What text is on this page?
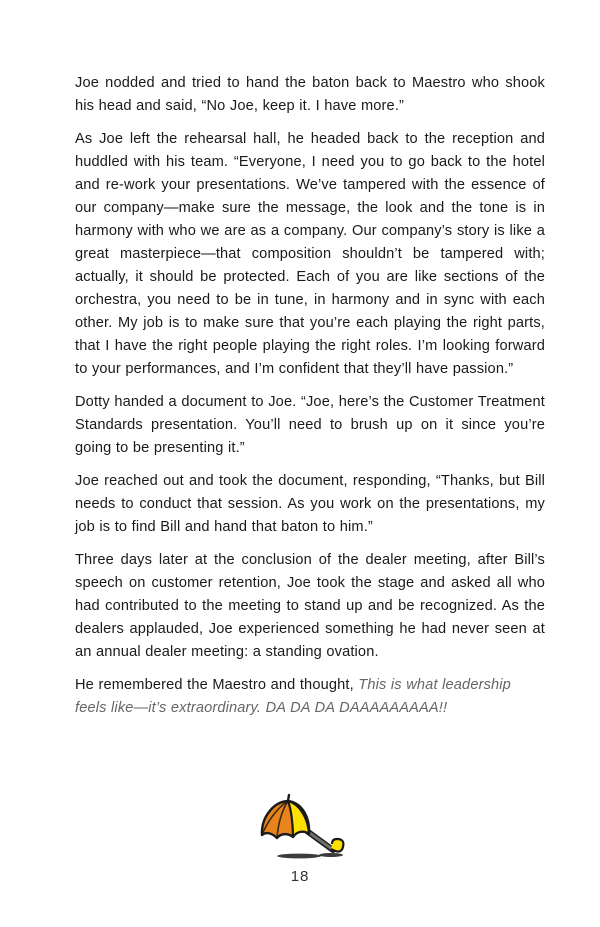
Joe nodded and tried to hand the baton back to Maestro who shook his head and said, “No Joe, keep it. I have more.”

As Joe left the rehearsal hall, he headed back to the reception and huddled with his team. “Everyone, I need you to go back to the hotel and re-work your presentations. We’ve tampered with the essence of our company—make sure the message, the look and the tone is in harmony with who we are as a company. Our company’s story is like a great masterpiece—that composition shouldn’t be tampered with; actually, it should be protected. Each of you are like sections of the orchestra, you need to be in tune, in harmony and in sync with each other. My job is to make sure that you’re each playing the right parts, that I have the right people playing the right roles. I’m looking forward to your performances, and I’m confident that they’ll have passion.”

Dotty handed a document to Joe. “Joe, here’s the Customer Treatment Standards presentation. You’ll need to brush up on it since you’re going to be presenting it.”

Joe reached out and took the document, responding, “Thanks, but Bill needs to conduct that session. As you work on the presentations, my job is to find Bill and hand that baton to him.”

Three days later at the conclusion of the dealer meeting, after Bill’s speech on customer retention, Joe took the stage and asked all who had contributed to the meeting to stand up and be recognized. As the dealers applauded, Joe experienced something he had never seen at an annual dealer meeting: a standing ovation.

He remembered the Maestro and thought, This is what leadership feels like—it’s extraordinary. DA DA DA DAAAAAAAAA!!

18
